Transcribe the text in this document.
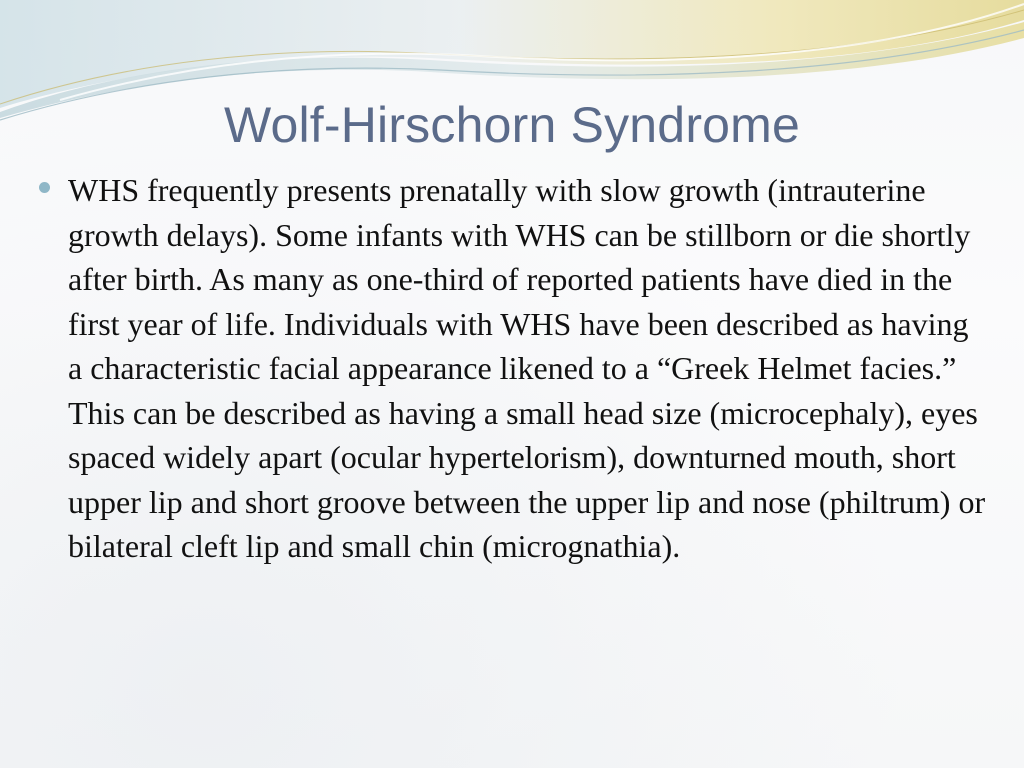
Wolf-Hirschorn Syndrome

WHS frequently presents prenatally with slow growth (intrauterine growth delays). Some infants with WHS can be stillborn or die shortly after birth. As many as one-third of reported patients have died in the first year of life. Individuals with WHS have been described as having a characteristic facial appearance likened to a “Greek Helmet facies.” This can be described as having a small head size (microcephaly), eyes spaced widely apart (ocular hypertelorism), downturned mouth, short upper lip and short groove between the upper lip and nose (philtrum) or bilateral cleft lip and small chin (micrognathia).
